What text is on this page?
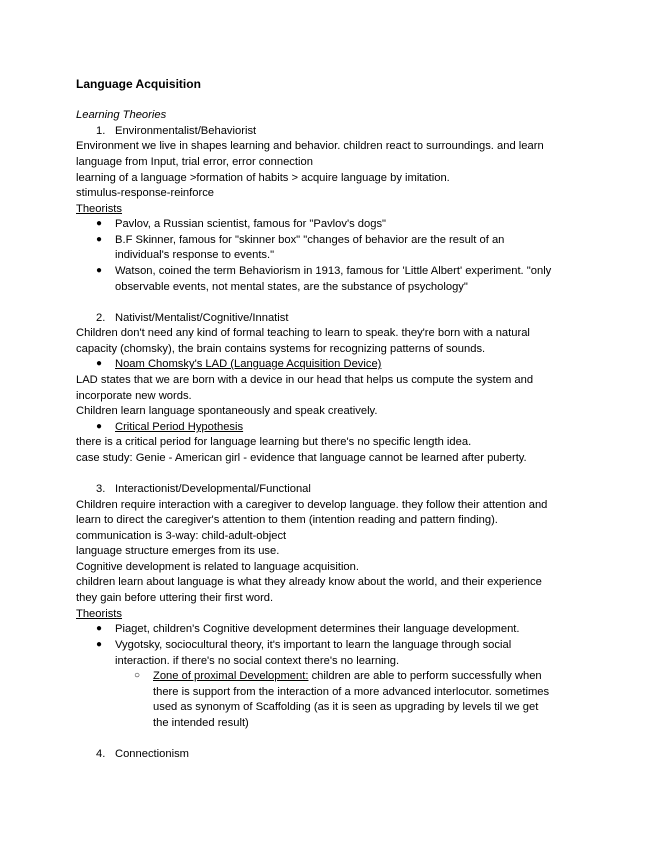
Language Acquisition
Learning Theories
1. Environmentalist/Behaviorist
Environment we live in shapes learning and behavior. children react to surroundings. and learn
language from Input, trial error, error connection
learning of a language >formation of habits > acquire language by imitation.
stimulus-response-reinforce
Theorists
● Pavlov, a Russian scientist, famous for "Pavlov's dogs"
● B.F Skinner, famous for "skinner box" "changes of behavior are the result of an
individual's response to events."
● Watson, coined the term Behaviorism in 1913, famous for 'Little Albert' experiment. "only
observable events, not mental states, are the substance of psychology"
2. Nativist/Mentalist/Cognitive/Innatist
Children don't need any kind of formal teaching to learn to speak. they're born with a natural
capacity (chomsky), the brain contains systems for recognizing patterns of sounds.
● Noam Chomsky's LAD (Language Acquisition Device)
LAD states that we are born with a device in our head that helps us compute the system and
incorporate new words.
Children learn language spontaneously and speak creatively.
● Critical Period Hypothesis
there is a critical period for language learning but there's no specific length idea.
case study: Genie - American girl - evidence that language cannot be learned after puberty.
3. Interactionist/Developmental/Functional
Children require interaction with a caregiver to develop language. they follow their attention and
learn to direct the caregiver's attention to them (intention reading and pattern finding).
communication is 3-way: child-adult-object
language structure emerges from its use.
Cognitive development is related to language acquisition.
children learn about language is what they already know about the world, and their experience
they gain before uttering their first word.
Theorists
● Piaget, children's Cognitive development determines their language development.
● Vygotsky, sociocultural theory, it's important to learn the language through social
interaction. if there's no social context there's no learning.
○ Zone of proximal Development: children are able to perform successfully when
there is support from the interaction of a more advanced interlocutor. sometimes
used as synonym of Scaffolding (as it is seen as upgrading by levels til we get
the intended result)
4. Connectionism
